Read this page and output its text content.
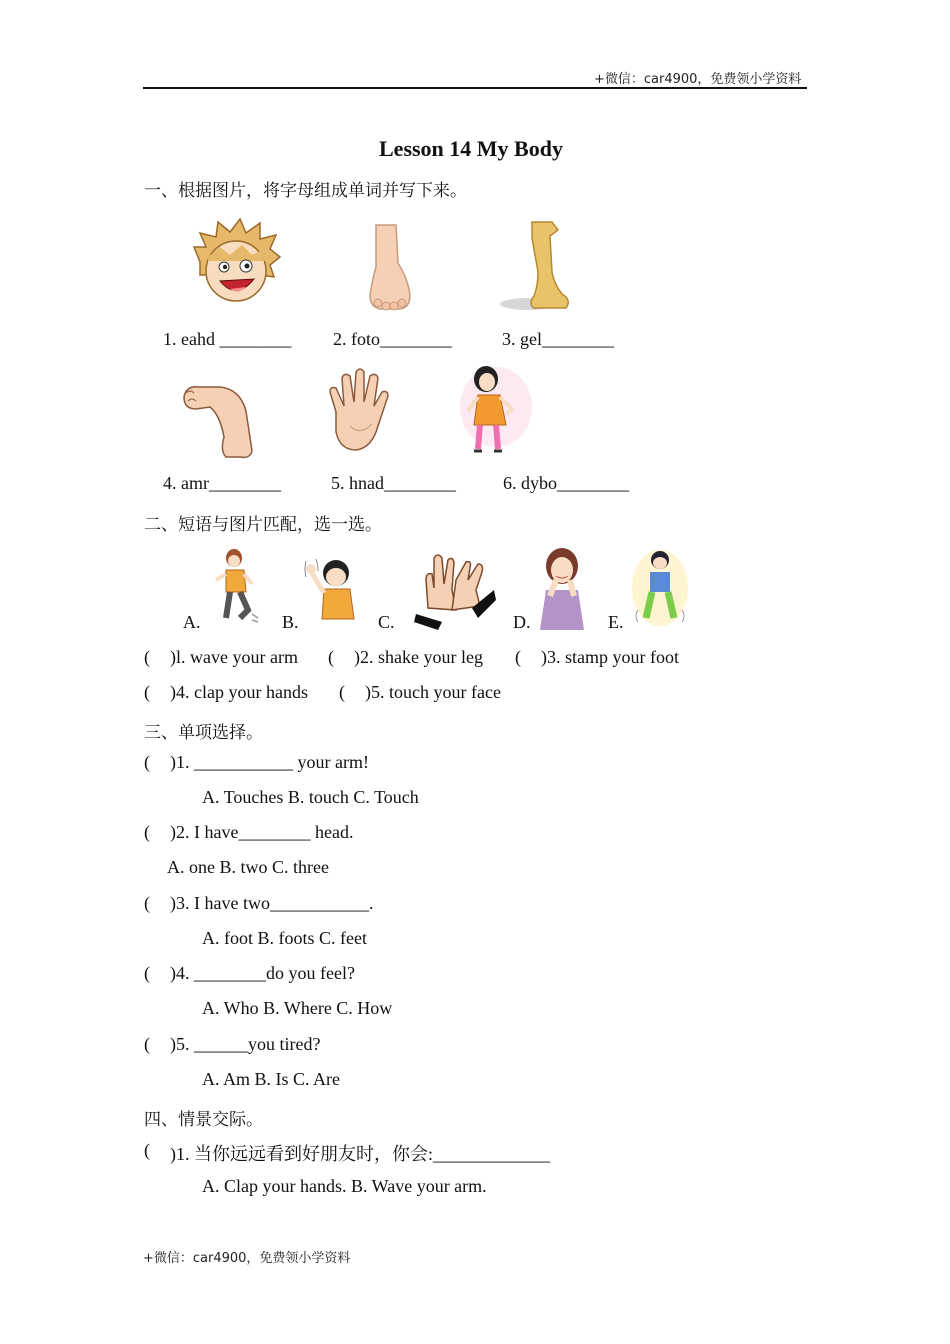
+微信：car4900，免费领小学资料
Lesson 14 My Body
一、根据图片，将字母组成单词并写下来。
1. eahd ________ 2. foto________	3. gel________
4. amr________	5. hnad________	6. dybo________
二、短语与图片匹配，选一选。
A.	B.	C.	D.	E.
( )l. wave your arm ( )2. shake your leg ( )3. stamp your foot
( )4. clap your hands ( )5. touch your face
三、单项选择。
( )1. ___________ your arm!
A. Touches B. touch C. Touch
( )2. I have________ head.
A. one B. two C. three
( )3. I have two___________.
A. foot B. foots C. feet
( )4. ________do you feel?
A. Who B. Where C. How
( )5. ______you tired?
A. Am B. Is C. Are
四、情景交际。
( )1. 当你远远看到好朋友时，你会:_____________
A. Clap your hands. B. Wave your arm.
+微信：car4900，免费领小学资料
